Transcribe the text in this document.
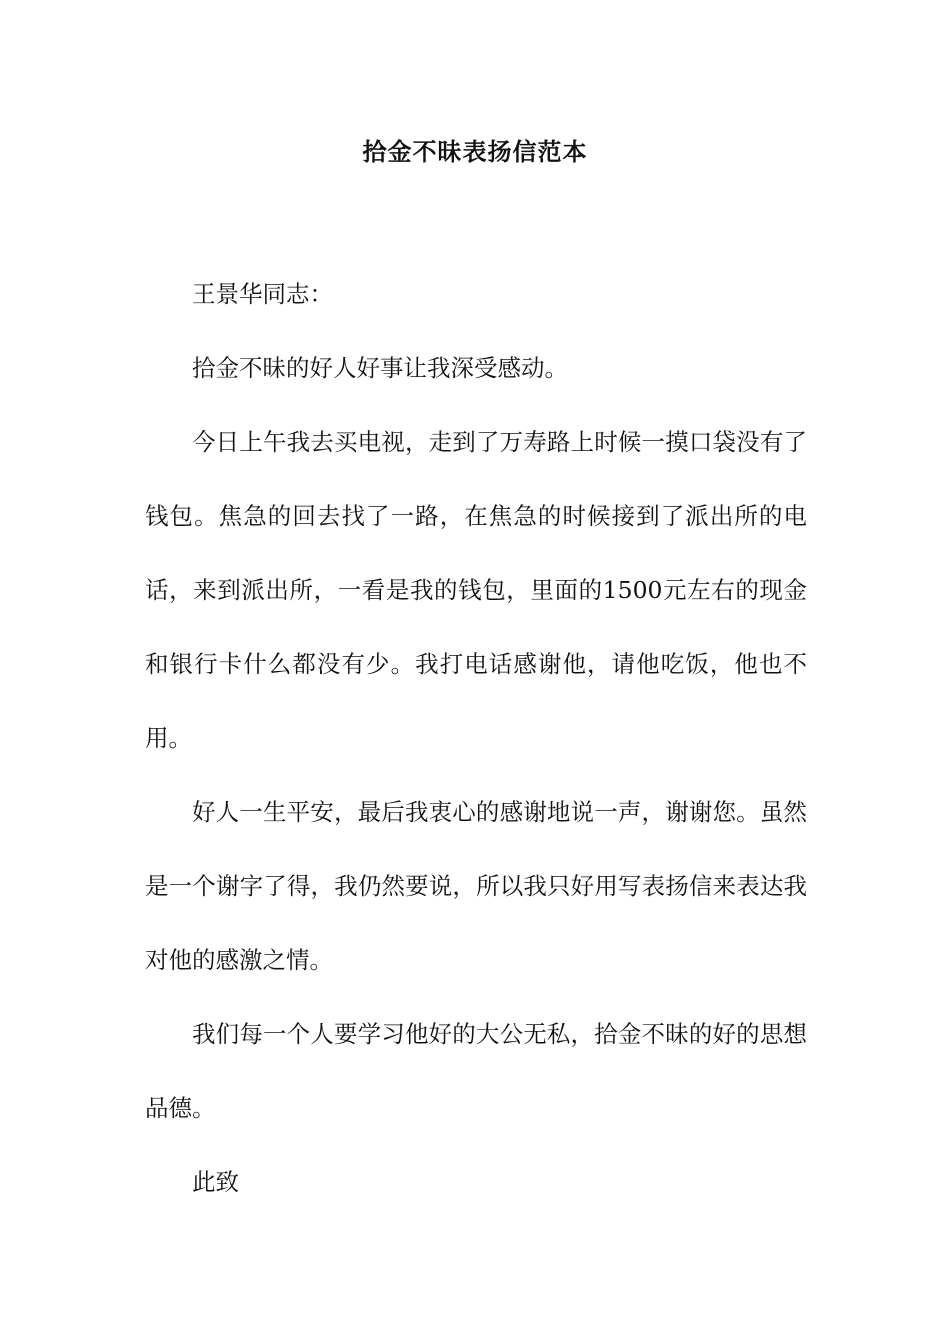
拾金不昧表扬信范本

王景华同志：

拾金不昧的好人好事让我深受感动。

今日上午我去买电视，走到了万寿路上时候一摸口袋没有了钱包。焦急的回去找了一路，在焦急的时候接到了派出所的电话，来到派出所，一看是我的钱包，里面的1500元左右的现金和银行卡什么都没有少。我打电话感谢他，请他吃饭，他也不用。

好人一生平安，最后我衷心的感谢地说一声，谢谢您。虽然是一个谢字了得，我仍然要说，所以我只好用写表扬信来表达我对他的感激之情。

我们每一个人要学习他好的大公无私，拾金不昧的好的思想品德。

此致
